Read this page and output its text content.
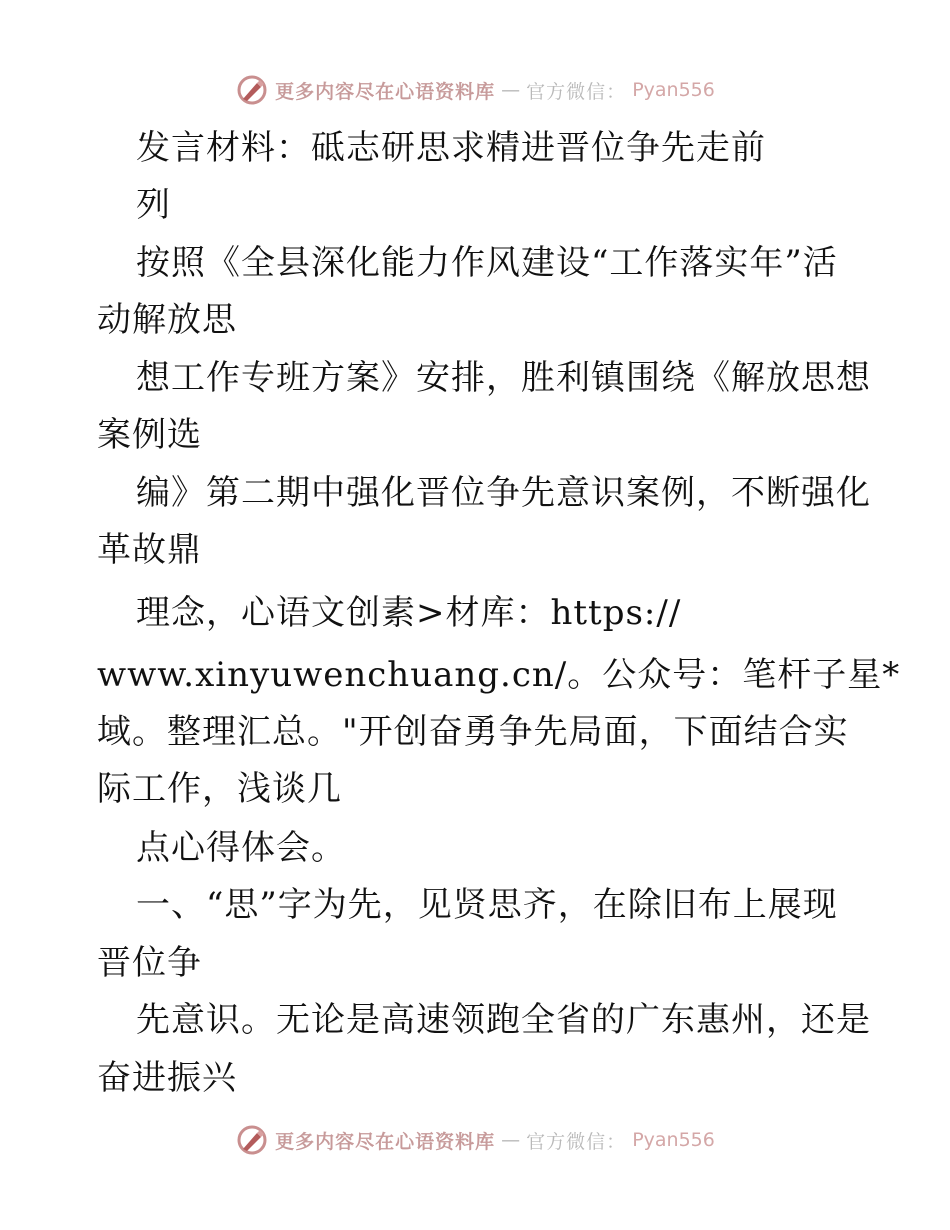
更多内容尽在心语资料库 — 官方微信： Pyan556
发言材料：砥志研思求精进晋位争先走前
列
按照《全县深化能力作风建设“工作落实年”活
动解放思
想工作专班方案》安排，胜利镇围绕《解放思想
案例选
编》第二期中强化晋位争先意识案例，不断强化
革故鼎
理念，心语文创素>材库：https://
www.xinyuwenchuang.cn/。公众号：笔杆子星*
域。整理汇总。"开创奋勇争先局面，下面结合实
际工作，浅谈几
点心得体会。
一、“思”字为先，见贤思齐，在除旧布上展现
晋位争
先意识。无论是高速领跑全省的广东惠州，还是
奋进振兴
更多内容尽在心语资料库 — 官方微信： Pyan556
